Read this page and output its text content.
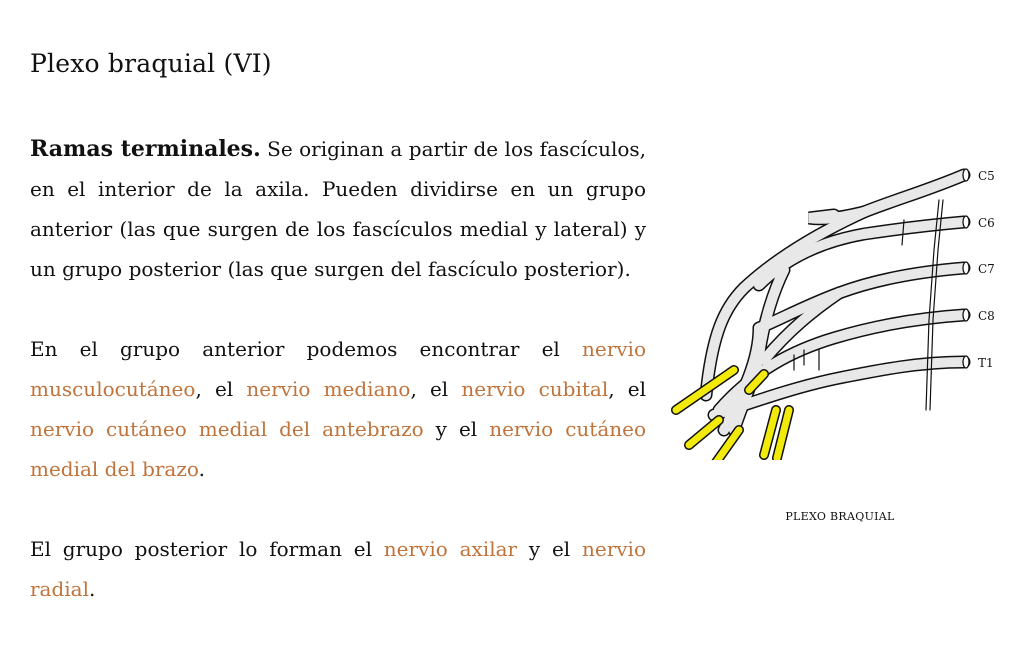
Plexo braquial (VI)

Ramas terminales. Se originan a partir de los fascículos, en el interior de la axila. Pueden dividirse en un grupo anterior (las que surgen de los fascículos medial y lateral) y un grupo posterior (las que surgen del fascículo posterior).

En el grupo anterior podemos encontrar el nervio musculocutáneo, el nervio mediano, el nervio cubital, el nervio cutáneo medial del antebrazo y el nervio cutáneo medial del brazo.

El grupo posterior lo forman el nervio axilar y el nervio radial.

C5
C6
C7
C8
T1
PLEXO BRAQUIAL
